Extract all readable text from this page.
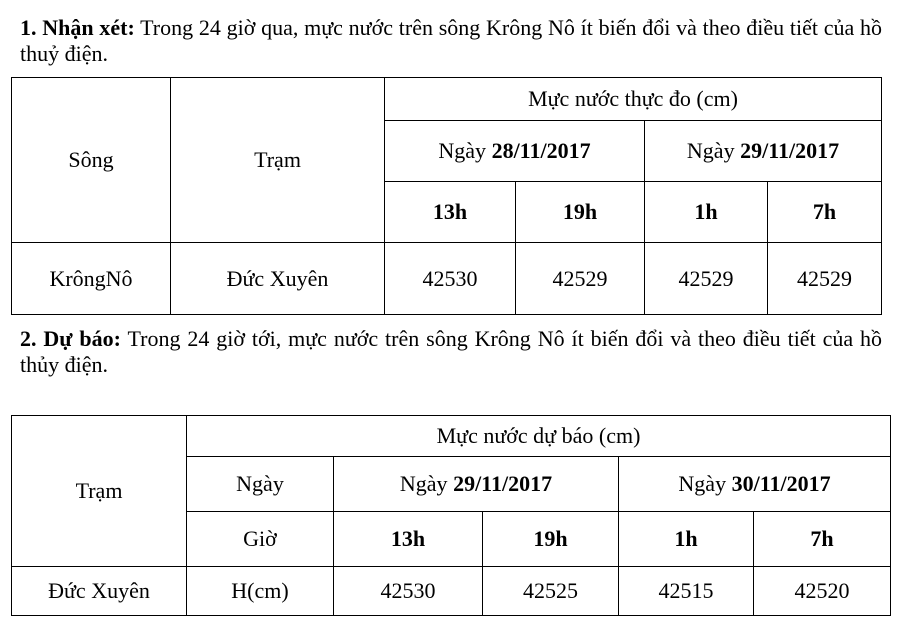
1. Nhận xét: Trong 24 giờ qua, mực nước trên sông Krông Nô ít biến đổi và theo điều tiết của hồ thuỷ điện.

Sông	Trạm	Mực nước thực đo (cm)			
		Ngày 28/11/2017		Ngày 29/11/2017	
		13h	19h	1h	7h
KrôngNô	Đức Xuyên	42530	42529	42529	42529

2. Dự báo: Trong 24 giờ tới, mực nước trên sông Krông Nô ít biến đổi và theo điều tiết của hồ thủy điện.

Trạm	Mực nước dự báo (cm)				
	Ngày	Ngày 29/11/2017		Ngày 30/11/2017	
	Giờ	13h	19h	1h	7h
Đức Xuyên	H(cm)	42530	42525	42515	42520
